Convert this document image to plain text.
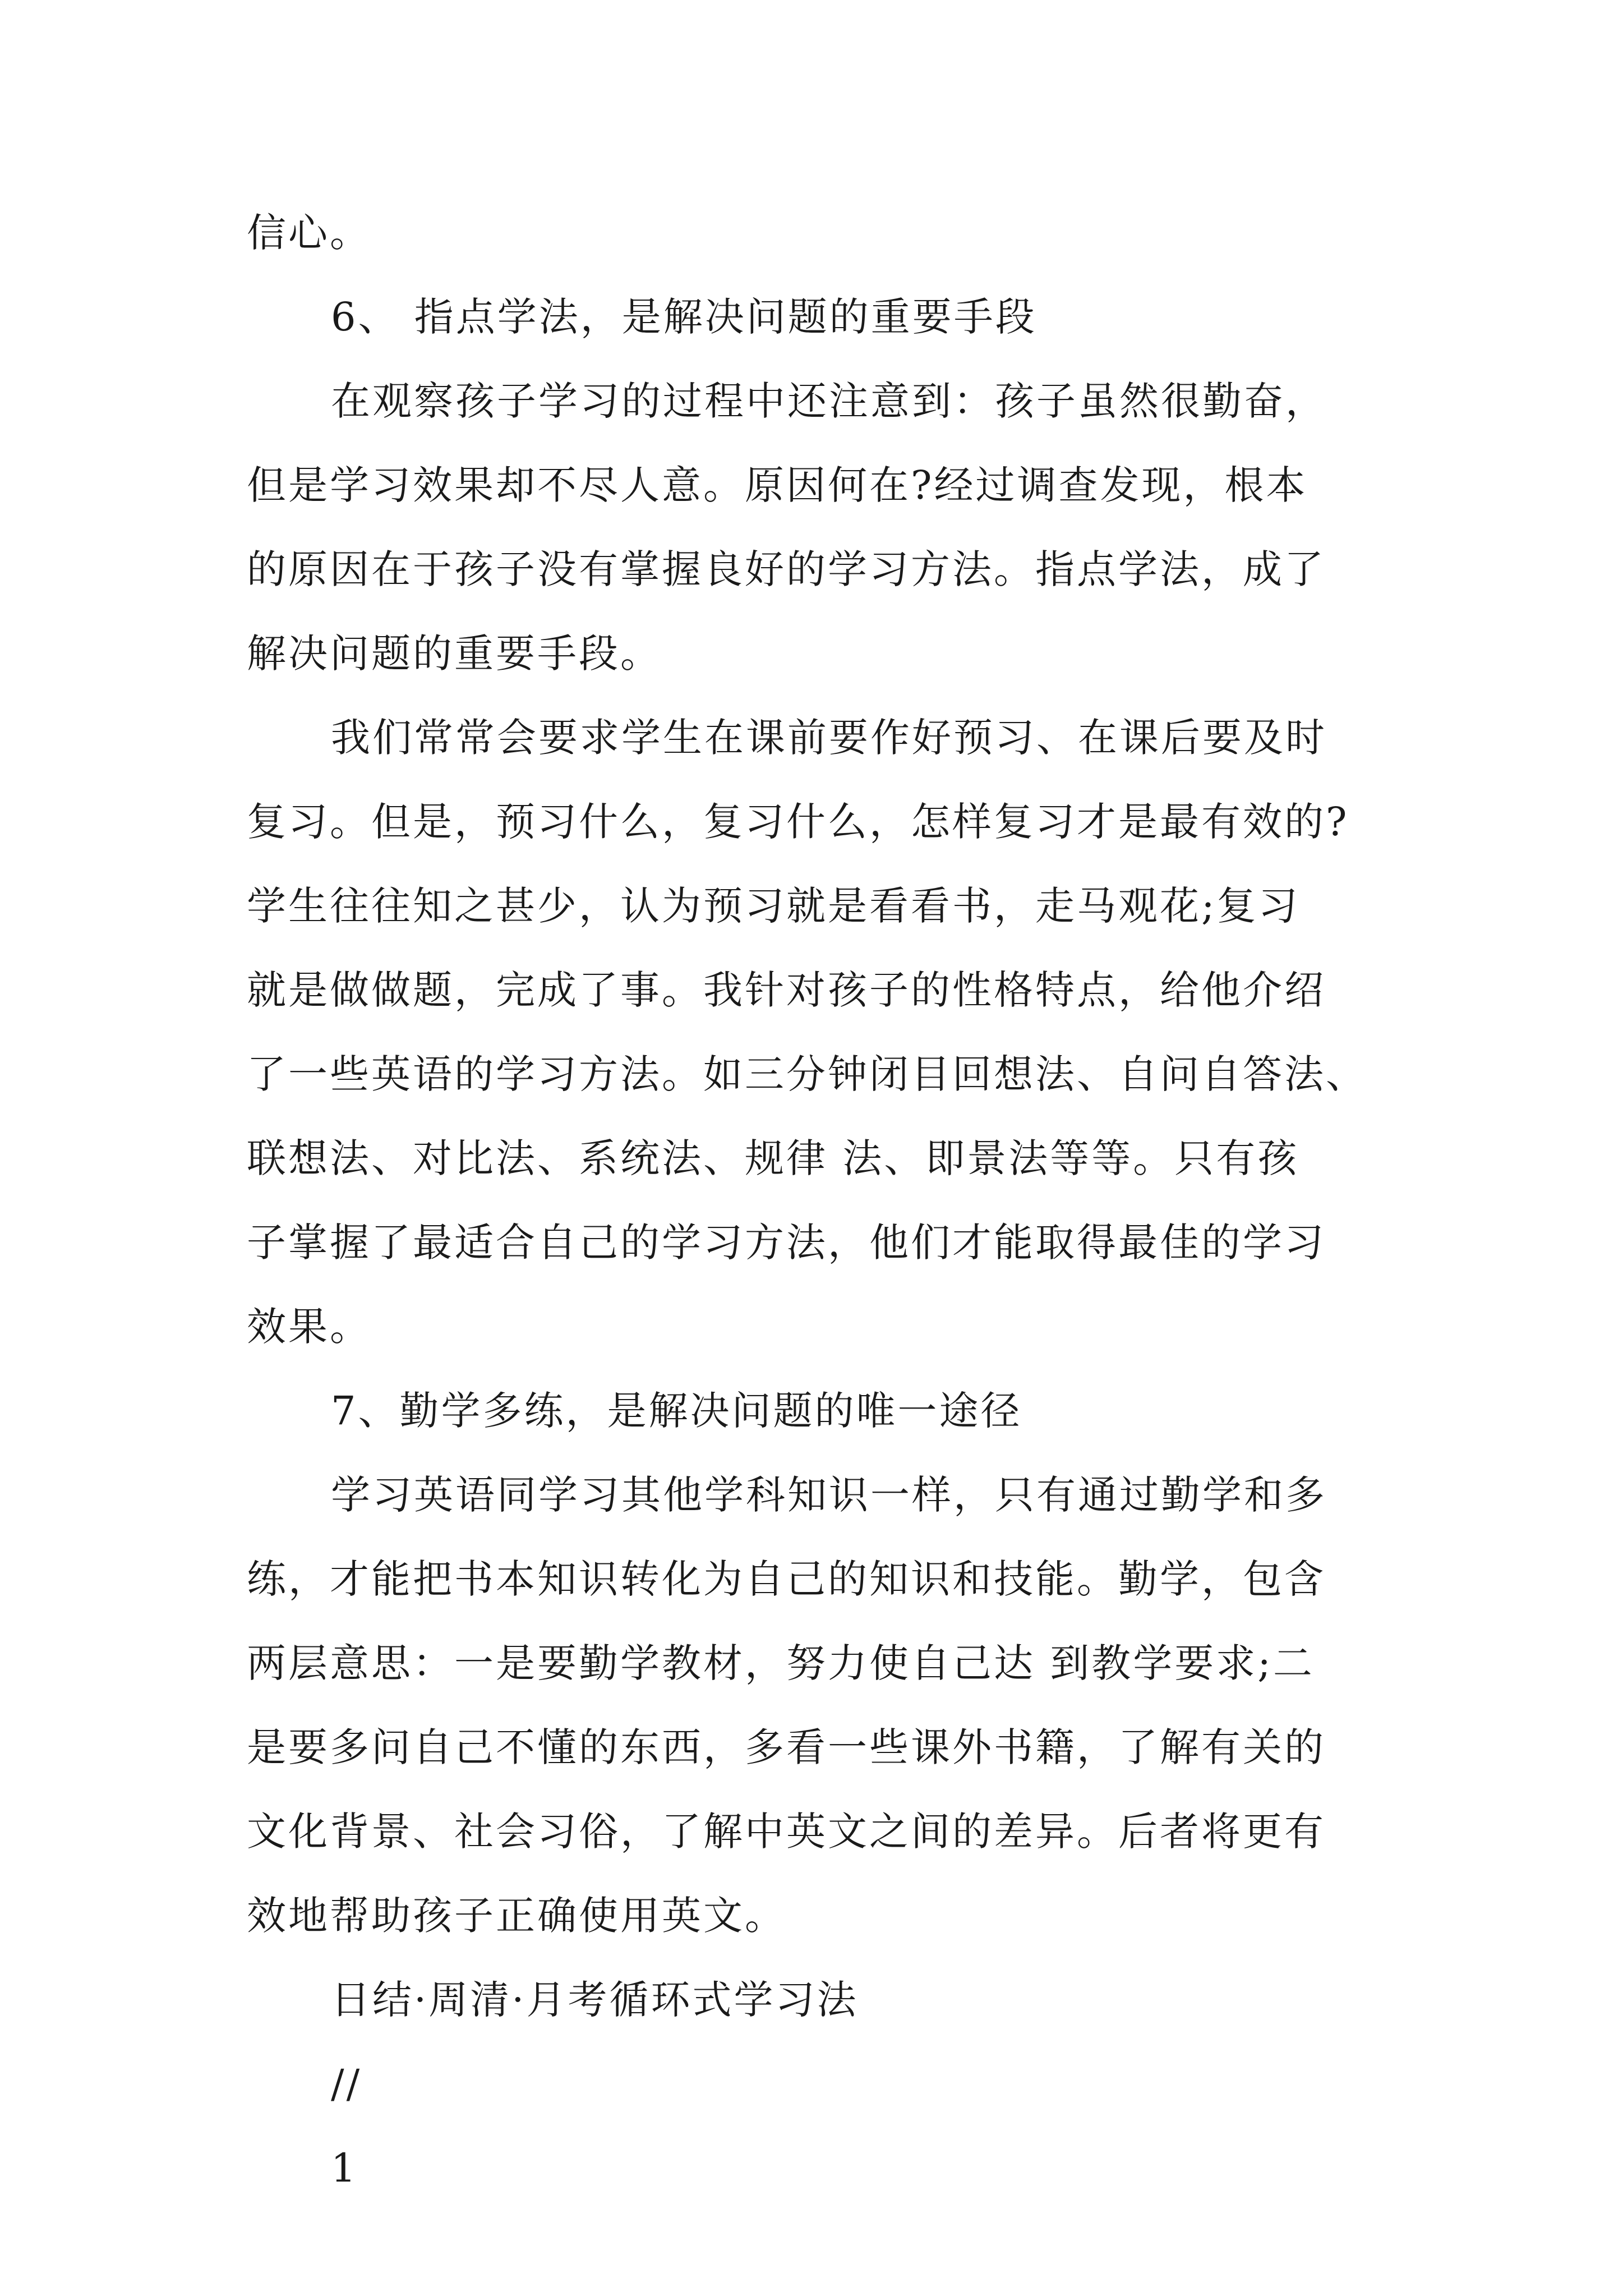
信心。
6、 指点学法，是解决问题的重要手段
在观察孩子学习的过程中还注意到：孩子虽然很勤奋，
但是学习效果却不尽人意。原因何在?经过调查发现，根本
的原因在于孩子没有掌握良好的学习方法。指点学法，成了
解决问题的重要手段。
我们常常会要求学生在课前要作好预习、在课后要及时
复习。但是，预习什么，复习什么，怎样复习才是最有效的?
学生往往知之甚少，认为预习就是看看书，走马观花;复习
就是做做题，完成了事。我针对孩子的性格特点，给他介绍
了一些英语的学习方法。如三分钟闭目回想法、自问自答法、
联想法、对比法、系统法、规律 法、即景法等等。只有孩
子掌握了最适合自己的学习方法，他们才能取得最佳的学习
效果。
7、勤学多练，是解决问题的唯一途径
学习英语同学习其他学科知识一样，只有通过勤学和多
练，才能把书本知识转化为自己的知识和技能。勤学，包含
两层意思：一是要勤学教材，努力使自己达 到教学要求;二
是要多问自己不懂的东西，多看一些课外书籍，了解有关的
文化背景、社会习俗，了解中英文之间的差异。后者将更有
效地帮助孩子正确使用英文。
日结·周清·月考循环式学习法
//
1
